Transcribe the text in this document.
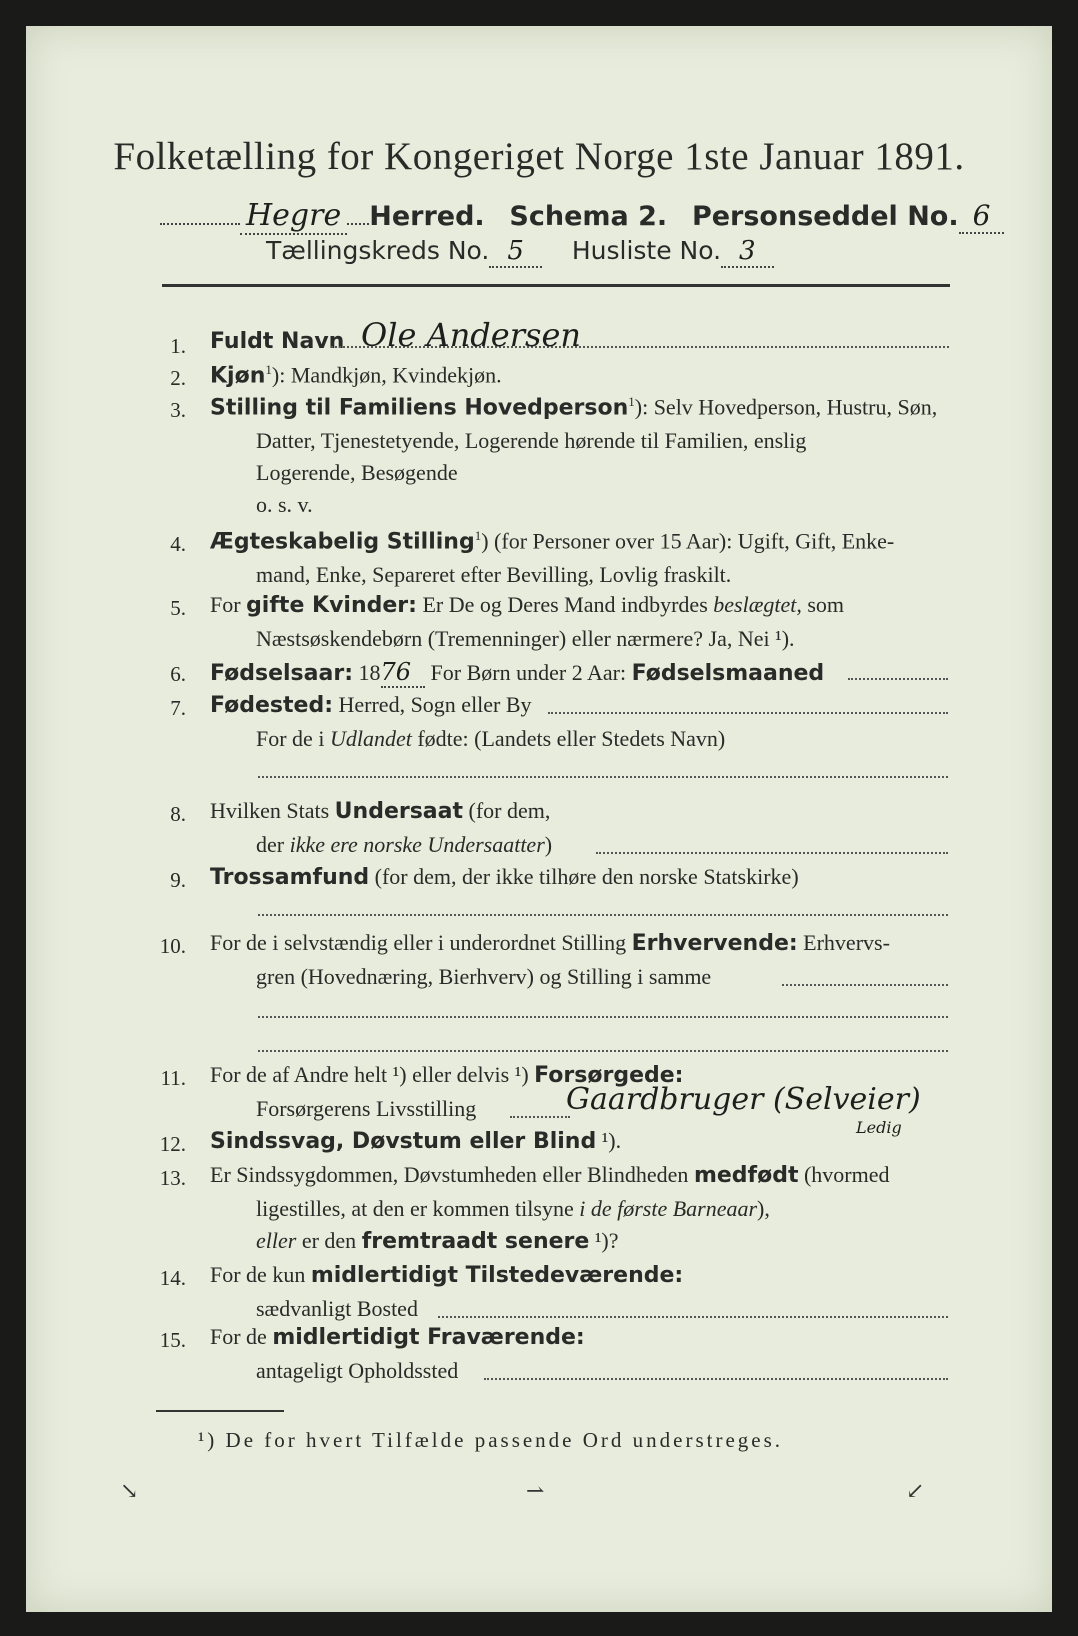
Folketælling for Kongeriget Norge 1ste Januar 1891.
Hegre Herred. Schema 2. Personseddel No. 6
Tællingskreds No. 5 Husliste No. 3
1. Fuldt Navn Ole Andersen
2. Kjøn$^1$): Mandkjøn, Kvindekjøn.
3. Stilling til Familiens Hovedperson$^1$): Selv Hovedperson, Hustru, Søn,
Datter, Tjenestetyende, Logerende hørende til Familien, enslig
Logerende, Besøgende
o. s. v.
4. Ægteskabelig Stilling$^1$) (for Personer over 15 Aar): Ugift, Gift, Enke-
mand, Enke, Separeret efter Bevilling, Lovlig fraskilt.
5. For gifte Kvinder: Er De og Deres Mand indbyrdes beslægtet, som
Næstsøskendebørn (Tremenninger) eller nærmere? Ja, Nei ¹).
6. Fødselsaar: 1876 For Børn under 2 Aar: Fødselsmaaned
7. Fødested: Herred, Sogn eller By
For de i Udlandet fødte: (Landets eller Stedets Navn)
8. Hvilken Stats Undersaat (for dem,
der ikke ere norske Undersaatter)
9. Trossamfund (for dem, der ikke tilhøre den norske Statskirke)
10. For de i selvstændig eller i underordnet Stilling Erhvervende: Erhvervs-
gren (Hovednæring, Bierhverv) og Stilling i samme
11. For de af Andre helt ¹) eller delvis ¹) Forsørgede:
Forsørgerens Livsstilling	Gaardbruger (Selveier)
Ledig
12. Sindssvag, Døvstum eller Blind ¹).
13. Er Sindssygdommen, Døvstumheden eller Blindheden medfødt (hvormed
ligestilles, at den er kommen tilsyne i de første Barneaar),
eller er den fremtraadt senere ¹)?
14. For de kun midlertidigt Tilstedeværende:
sædvanligt Bosted
15. For de midlertidigt Fraværende:
antageligt Opholdssted
¹) De for hvert Tilfælde passende Ord understreges.
↘	⇀	↙
